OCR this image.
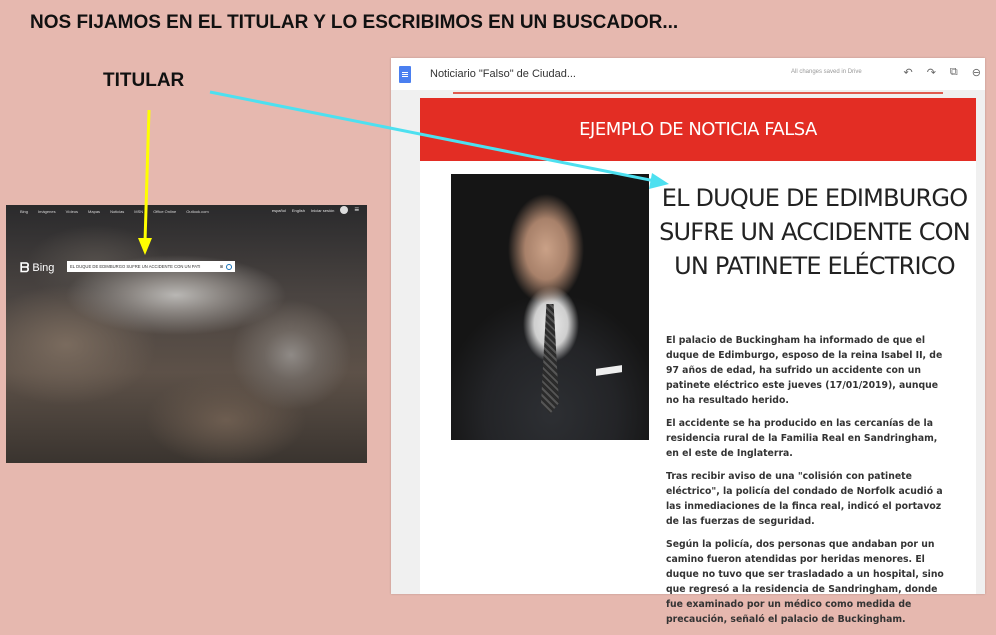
NOS FIJAMOS EN EL TITULAR Y LO ESCRIBIMOS EN UN BUSCADOR...
TITULAR
Bing	Imágenes	Vídeos	Mapas	Noticias	MSN	Office Online	Outlook.com	español English Iniciar sesión	≡
ᗷ Bing	EL DUQUE DE EDIMBURGO SUFRE UN ACCIDENTE CON UN PATI	◙
Noticiario "Falso" de Ciudad...	All changes saved in Drive	↶ ↷ ⧉ ⊖
EJEMPLO DE NOTICIA FALSA
EL DUQUE DE EDIMBURGO SUFRE UN ACCIDENTE CON UN PATINETE ELÉCTRICO

El palacio de Buckingham ha informado de que el duque de Edimburgo, esposo de la reina Isabel II, de 97 años de edad, ha sufrido un accidente con un patinete eléctrico este jueves (17/01/2019), aunque no ha resultado herido.

El accidente se ha producido en las cercanías de la residencia rural de la Familia Real en Sandringham, en el este de Inglaterra.

Tras recibir aviso de una "colisión con patinete eléctrico", la policía del condado de Norfolk acudió a las inmediaciones de la finca real, indicó el portavoz de las fuerzas de seguridad.

Según la policía, dos personas que andaban por un camino fueron atendidas por heridas menores. El duque no tuvo que ser trasladado a un hospital, sino que regresó a la residencia de Sandringham, donde fue examinado por un médico como medida de precaución, señaló el palacio de Buckingham.
